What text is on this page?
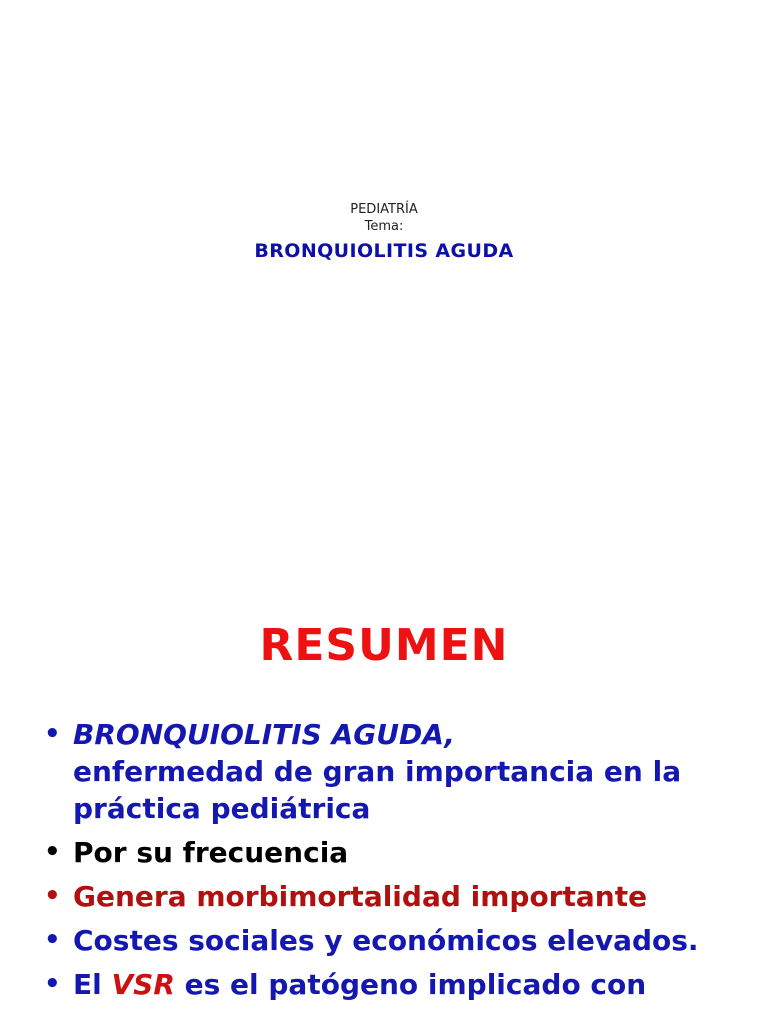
PEDIATRÍA
Tema:
BRONQUIOLITIS AGUDA
RESUMEN
• BRONQUIOLITIS AGUDA,
enfermedad de gran importancia en la práctica pediátrica
• Por su frecuencia
• Genera morbimortalidad importante
• Costes sociales y económicos elevados.
• El VSR es el patógeno implicado con
